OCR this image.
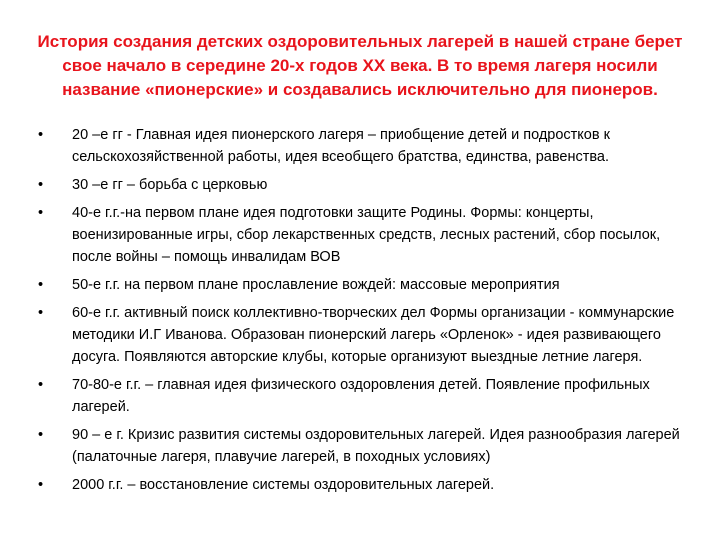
История создания детских оздоровительных лагерей в нашей стране берет свое начало в середине 20-х годов XX века. В то время лагеря носили название «пионерские» и создавались исключительно для пионеров.
•	20 –е гг - Главная идея пионерского лагеря – приобщение детей и подростков к сельскохозяйственной работы, идея всеобщего братства, единства, равенства.
•	30 –е гг – борьба с церковью
•	40-е г.г.-на первом плане идея подготовки защите Родины. Формы: концерты, военизированные игры, сбор лекарственных средств, лесных растений, сбор посылок, после войны – помощь инвалидам ВОВ
•	50-е г.г. на первом плане прославление вождей: массовые мероприятия
•	60-е г.г. активный поиск коллективно-творческих дел Формы организации - коммунарские методики И.Г Иванова. Образован пионерский лагерь «Орленок» - идея развивающего досуга. Появляются авторские клубы, которые организуют выездные летние лагеря.
•	70-80-е г.г. – главная идея физического оздоровления детей. Появление профильных лагерей.
•	90 – е г. Кризис развития системы оздоровительных лагерей. Идея разнообразия лагерей (палаточные лагеря, плавучие лагерей, в походных условиях)
•	2000 г.г. – восстановление системы оздоровительных лагерей.
